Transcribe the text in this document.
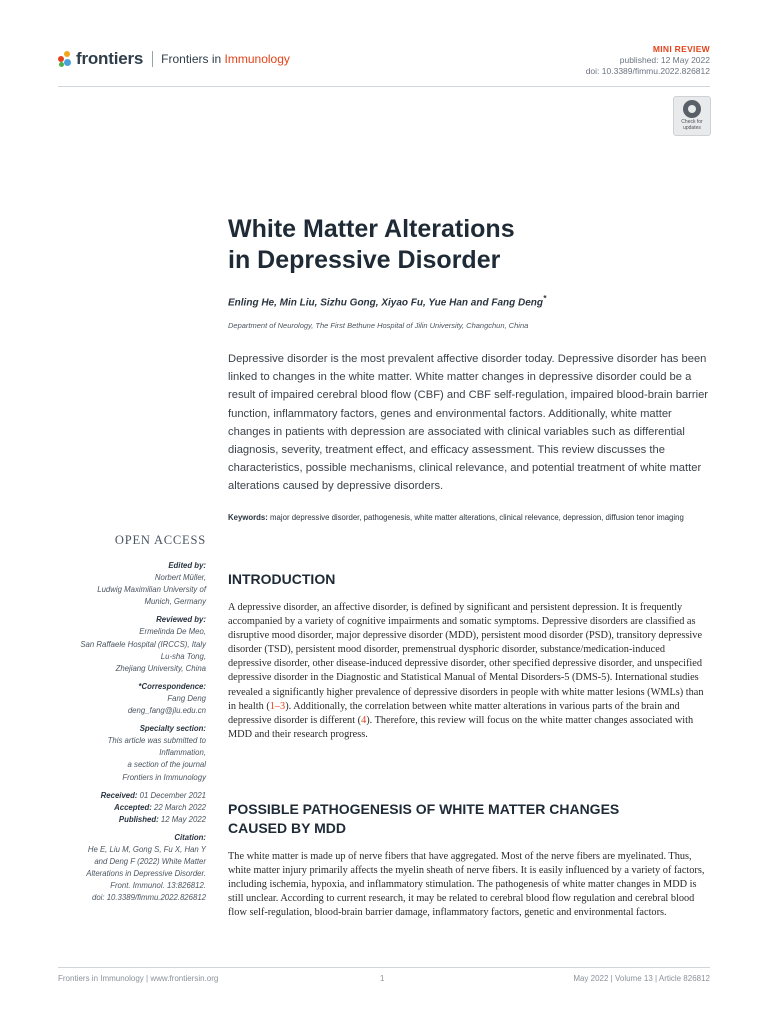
frontiers Frontiers in Immunology
MINI REVIEW
published: 12 May 2022
doi: 10.3389/fimmu.2022.826812
Check for
updates
White Matter Alterations
in Depressive Disorder
Enling He, Min Liu, Sizhu Gong, Xiyao Fu, Yue Han and Fang Deng*
Department of Neurology, The First Bethune Hospital of Jilin University, Changchun, China
Depressive disorder is the most prevalent affective disorder today. Depressive disorder has been linked to changes in the white matter. White matter changes in depressive disorder could be a result of impaired cerebral blood flow (CBF) and CBF self-regulation, impaired blood-brain barrier function, inflammatory factors, genes and environmental factors. Additionally, white matter changes in patients with depression are associated with clinical variables such as differential diagnosis, severity, treatment effect, and efficacy assessment. This review discusses the characteristics, possible mechanisms, clinical relevance, and potential treatment of white matter alterations caused by depressive disorders.
Keywords: major depressive disorder, pathogenesis, white matter alterations, clinical relevance, depression, diffusion tenor imaging
OPEN ACCESS
Edited by:
Norbert Müller,
Ludwig Maximilian University of
Munich, Germany
Reviewed by:
Ermelinda De Meo,
San Raffaele Hospital (IRCCS), Italy
Lu-sha Tong,
Zhejiang University, China
*Correspondence:
Fang Deng
deng_fang@jlu.edu.cn
Specialty section:
This article was submitted to
Inflammation,
a section of the journal
Frontiers in Immunology
Received: 01 December 2021
Accepted: 22 March 2022
Published: 12 May 2022
Citation:
He E, Liu M, Gong S, Fu X, Han Y
and Deng F (2022) White Matter
Alterations in Depressive Disorder.
Front. Immunol. 13:826812.
doi: 10.3389/fimmu.2022.826812
INTRODUCTION
A depressive disorder, an affective disorder, is defined by significant and persistent depression. It is frequently accompanied by a variety of cognitive impairments and somatic symptoms. Depressive disorders are classified as disruptive mood disorder, major depressive disorder (MDD), persistent mood disorder (PSD), transitory depressive disorder (TSD), persistent mood disorder, premenstrual dysphoric disorder, substance/medication-induced depressive disorder, other disease-induced depressive disorder, other specified depressive disorder, and unspecified depressive disorder in the Diagnostic and Statistical Manual of Mental Disorders-5 (DMS-5). International studies revealed a significantly higher prevalence of depressive disorders in people with white matter lesions (WMLs) than in health (1–3). Additionally, the correlation between white matter alterations in various parts of the brain and depressive disorder is different (4). Therefore, this review will focus on the white matter changes associated with MDD and their research progress.
POSSIBLE PATHOGENESIS OF WHITE MATTER CHANGES
CAUSED BY MDD
The white matter is made up of nerve fibers that have aggregated. Most of the nerve fibers are myelinated. Thus, white matter injury primarily affects the myelin sheath of nerve fibers. It is easily influenced by a variety of factors, including ischemia, hypoxia, and inflammatory stimulation. The pathogenesis of white matter changes in MDD is still unclear. According to current research, it may be related to cerebral blood flow regulation and cerebral blood flow self-regulation, blood-brain barrier damage, inflammatory factors, genetic and environmental factors.
Frontiers in Immunology | www.frontiersin.org	1	May 2022 | Volume 13 | Article 826812
